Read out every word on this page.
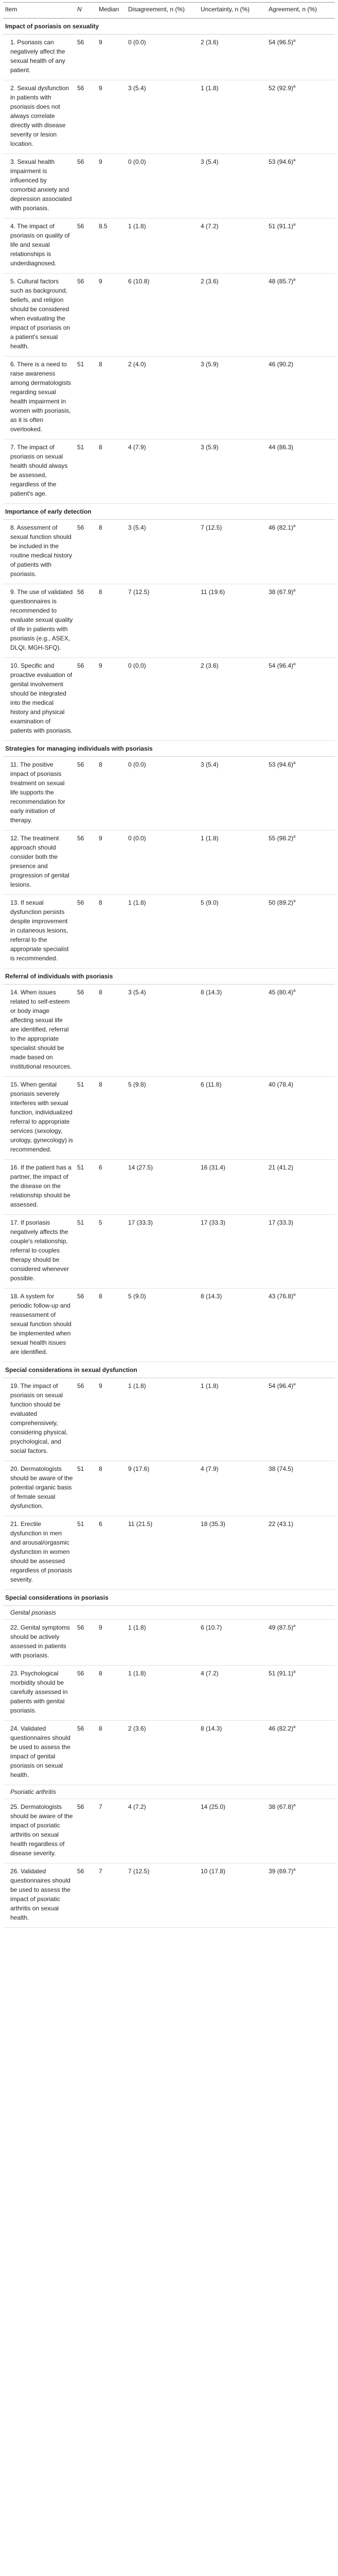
Item	N	Median	Disagreement, n (%)	Uncertainty, n (%)	Agreement, n (%)
Impact of psoriasis on sexuality					
1. Psoriasis can negatively affect the sexual health of any patient.	56	9	0 (0.0)	2 (3.6)	54 $(96.5)^a$
2. Sexual dysfunction in patients with psoriasis does not always correlate directly with disease severity or lesion location.	56	9	3 (5.4)	1 (1.8)	52 $(92.9)^a$
3. Sexual health impairment is influenced by comorbid anxiety and depression associated with psoriasis.	56	9	0 (0.0)	3 (5.4)	53 $(94.6)^a$
4. The impact of psoriasis on quality of life and sexual relationships is underdiagnosed.	56	8.5	1 (1.8)	4 (7.2)	51 $(91.1)^a$
5. Cultural factors such as background, beliefs, and religion should be considered when evaluating the impact of psoriasis on a patient's sexual health.	56	9	6 (10.8)	2 (3.6)	48 $(85.7)^a$
6. There is a need to raise awareness among dermatologists regarding sexual health impairment in women with psoriasis, as it is often overlooked.	51	8	2 (4.0)	3 (5.9)	46 (90.2)
7. The impact of psoriasis on sexual health should always be assessed, regardless of the patient's age.	51	8	4 (7.9)	3 (5.9)	44 (86.3)
Importance of early detection					
8. Assessment of sexual function should be included in the routine medical history of patients with psoriasis.	56	8	3 (5.4)	7 (12.5)	46 $(82.1)^a$
9. The use of validated questionnaires is recommended to evaluate sexual quality of life in patients with psoriasis (e.g., ASEX, DLQI, MGH-SFQ).	56	8	7 (12.5)	11 (19.6)	38 $(67.9)^a$
10. Specific and proactive evaluation of genital involvement should be integrated into the medical history and physical examination of patients with psoriasis.	56	9	0 (0.0)	2 (3.6)	54 $(96.4)^a$
Strategies for managing individuals with psoriasis					
11. The positive impact of psoriasis treatment on sexual life supports the recommendation for early initiation of therapy.	56	8	0 (0.0)	3 (5.4)	53 $(94.6)^a$
12. The treatment approach should consider both the presence and progression of genital lesions.	56	9	0 (0.0)	1 (1.8)	55 $(98.2)^a$
13. If sexual dysfunction persists despite improvement in cutaneous lesions, referral to the appropriate specialist is recommended.	56	8	1 (1.8)	5 (9.0)	50 $(89.2)^a$
Referral of individuals with psoriasis					
14. When issues related to self-esteem or body image affecting sexual life are identified, referral to the appropriate specialist should be made based on institutional resources.	56	8	3 (5.4)	8 (14.3)	45 $(80.4)^a$
15. When genital psoriasis severely interferes with sexual function, individualized referral to appropriate services (sexology, urology, gynecology) is recommended.	51	8	5 (9.8)	6 (11.8)	40 (78.4)
16. If the patient has a partner, the impact of the disease on the relationship should be assessed.	51	6	14 (27.5)	16 (31.4)	21 (41.2)
17. If psoriasis negatively affects the couple's relationship, referral to couples therapy should be considered whenever possible.	51	5	17 (33.3)	17 (33.3)	17 (33.3)
18. A system for periodic follow-up and reassessment of sexual function should be implemented when sexual health issues are identified.	56	8	5 (9.0)	8 (14.3)	43 $(76.8)^a$
Special considerations in sexual dysfunction					
19. The impact of psoriasis on sexual function should be evaluated comprehensively, considering physical, psychological, and social factors.	56	9	1 (1.8)	1 (1.8)	54 $(96.4)^a$
20. Dermatologists should be aware of the potential organic basis of female sexual dysfunction.	51	8	9 (17.6)	4 (7.9)	38 (74.5)
21. Erectile dysfunction in men and arousal/orgasmic dysfunction in women should be assessed regardless of psoriasis severity.	51	6	11 (21.5)	18 (35.3)	22 (43.1)
Special considerations in psoriasis					
Genital psoriasis					
22. Genital symptoms should be actively assessed in patients with psoriasis.	56	9	1 (1.8)	6 (10.7)	49 $(87.5)^a$
23. Psychological morbidity should be carefully assessed in patients with genital psoriasis.	56	8	1 (1.8)	4 (7.2)	51 $(91.1)^a$
24. Validated questionnaires should be used to assess the impact of genital psoriasis on sexual health.	56	8	2 (3.6)	8 (14.3)	46 $(82.2)^a$
Psoriatic arthritis					
25. Dermatologists should be aware of the impact of psoriatic arthritis on sexual health regardless of disease severity.	56	7	4 (7.2)	14 (25.0)	38 $(67.8)^a$
26. Validated questionnaires should be used to assess the impact of psoriatic arthritis on sexual health.	56	7	7 (12.5)	10 (17.8)	39 $(69.7)^a$
